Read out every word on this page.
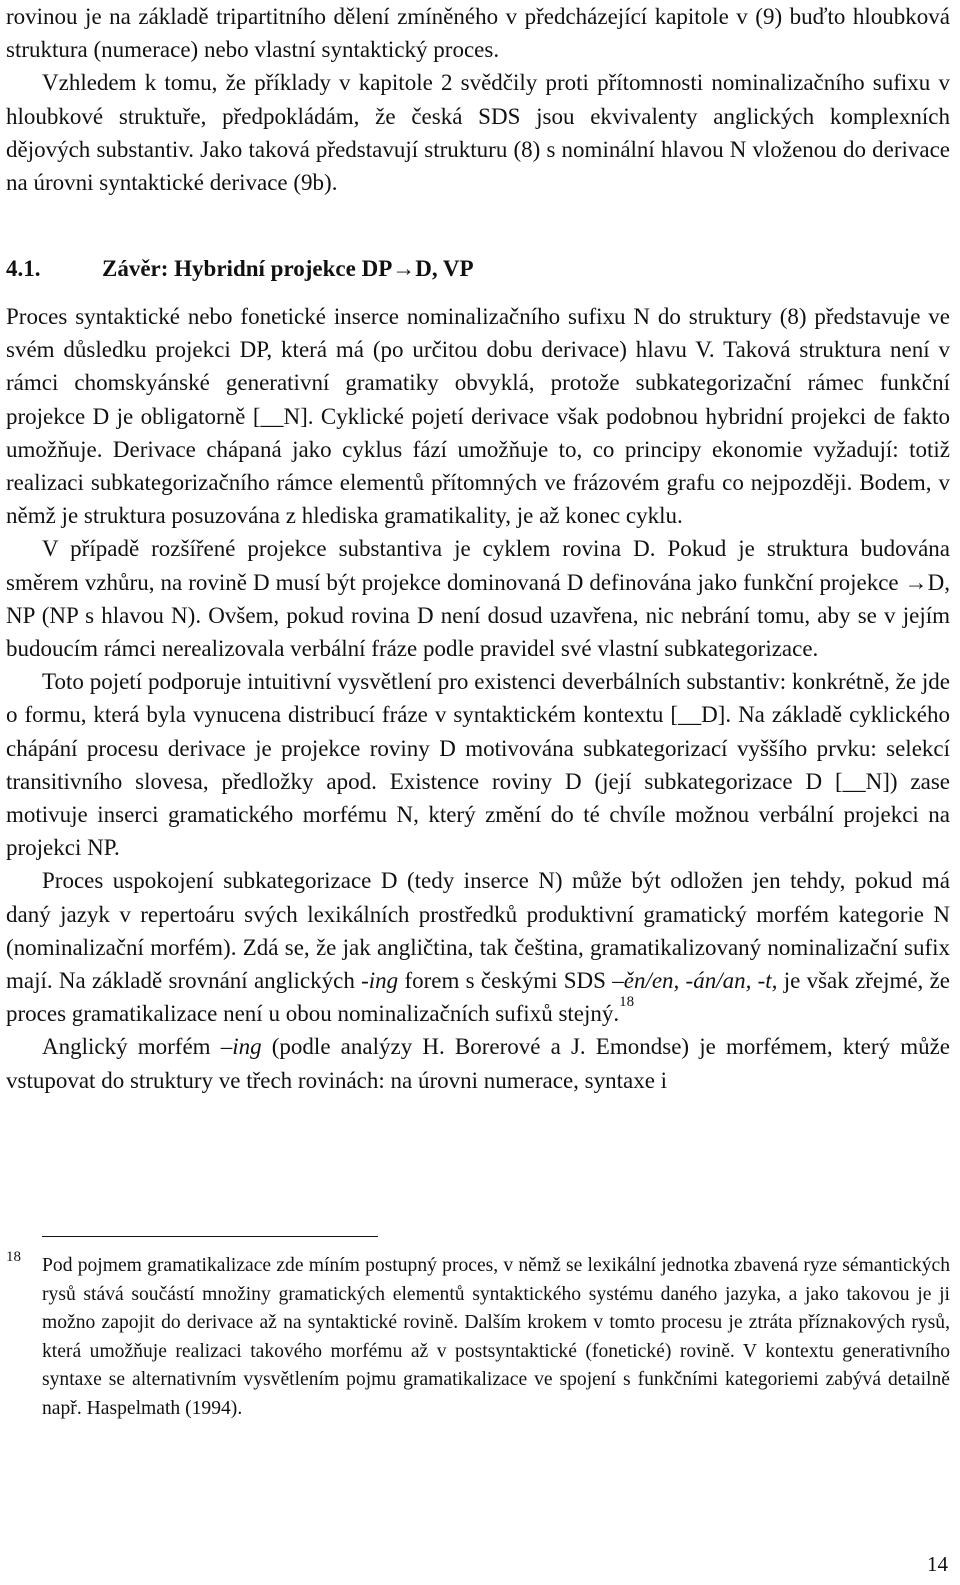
rovinou je na základě tripartitního dělení zmíněného v předcházející kapitole v (9) buďto hloubková struktura (numerace) nebo vlastní syntaktický proces.

Vzhledem k tomu, že příklady v kapitole 2 svědčily proti přítomnosti nominalizačního sufixu v hloubkové struktuře, předpokládám, že česká SDS jsou ekvivalenty anglických komplexních dějových substantiv. Jako taková představují strukturu (8) s nominální hlavou N vloženou do derivace na úrovni syntaktické derivace (9b).

4.1.	Závěr: Hybridní projekce DP→D, VP

Proces syntaktické nebo fonetické inserce nominalizačního sufixu N do struktury (8) představuje ve svém důsledku projekci DP, která má (po určitou dobu derivace) hlavu V. Taková struktura není v rámci chomskyánské generativní gramatiky obvyklá, protože subkategorizační rámec funkční projekce D je obligatorně [__N]. Cyklické pojetí derivace však podobnou hybridní projekci de fakto umožňuje. Derivace chápaná jako cyklus fází umožňuje to, co principy ekonomie vyžadují: totiž realizaci subkategorizačního rámce elementů přítomných ve frázovém grafu co nejpozději. Bodem, v němž je struktura posuzována z hlediska gramatikality, je až konec cyklu.

V případě rozšířené projekce substantiva je cyklem rovina D. Pokud je struktura budována směrem vzhůru, na rovině D musí být projekce dominovaná D definována jako funkční projekce →D, NP (NP s hlavou N). Ovšem, pokud rovina D není dosud uzavřena, nic nebrání tomu, aby se v jejím budoucím rámci nerealizovala verbální fráze podle pravidel své vlastní subkategorizace.

Toto pojetí podporuje intuitivní vysvětlení pro existenci deverbálních substantiv: konkrétně, že jde o formu, která byla vynucena distribucí fráze v syntaktickém kontextu [__D]. Na základě cyklického chápání procesu derivace je projekce roviny D motivována subkategorizací vyššího prvku: selekcí transitivního slovesa, předložky apod. Existence roviny D (její subkategorizace D [__N]) zase motivuje inserci gramatického morfému N, který změní do té chvíle možnou verbální projekci na projekci NP.

Proces uspokojení subkategorizace D (tedy inserce N) může být odložen jen tehdy, pokud má daný jazyk v repertoáru svých lexikálních prostředků produktivní gramatický morfém kategorie N (nominalizační morfém). Zdá se, že jak angličtina, tak čeština, gramatikalizovaný nominalizační sufix mají. Na základě srovnání anglických -ing forem s českými SDS –ěn/en, -án/an, -t, je však zřejmé, že proces gramatikalizace není u obou nominalizačních sufixů stejný.$^{18}$

Anglický morfém –ing (podle analýzy H. Borerové a J. Emondse) je morfémem, který může vstupovat do struktury ve třech rovinách: na úrovni numerace, syntaxe i

18 Pod pojmem gramatikalizace zde míním postupný proces, v němž se lexikální jednotka zbavená ryze sémantických rysů stává součástí množiny gramatických elementů syntaktického systému daného jazyka, a jako takovou je ji možno zapojit do derivace až na syntaktické rovině. Dalším krokem v tomto procesu je ztráta příznakových rysů, která umožňuje realizaci takového morfému až v postsyntaktické (fonetické) rovině. V kontextu generativního syntaxe se alternativním vysvětlením pojmu gramatikalizace ve spojení s funkčními kategoriemi zabývá detailně např. Haspelmath (1994).
14
